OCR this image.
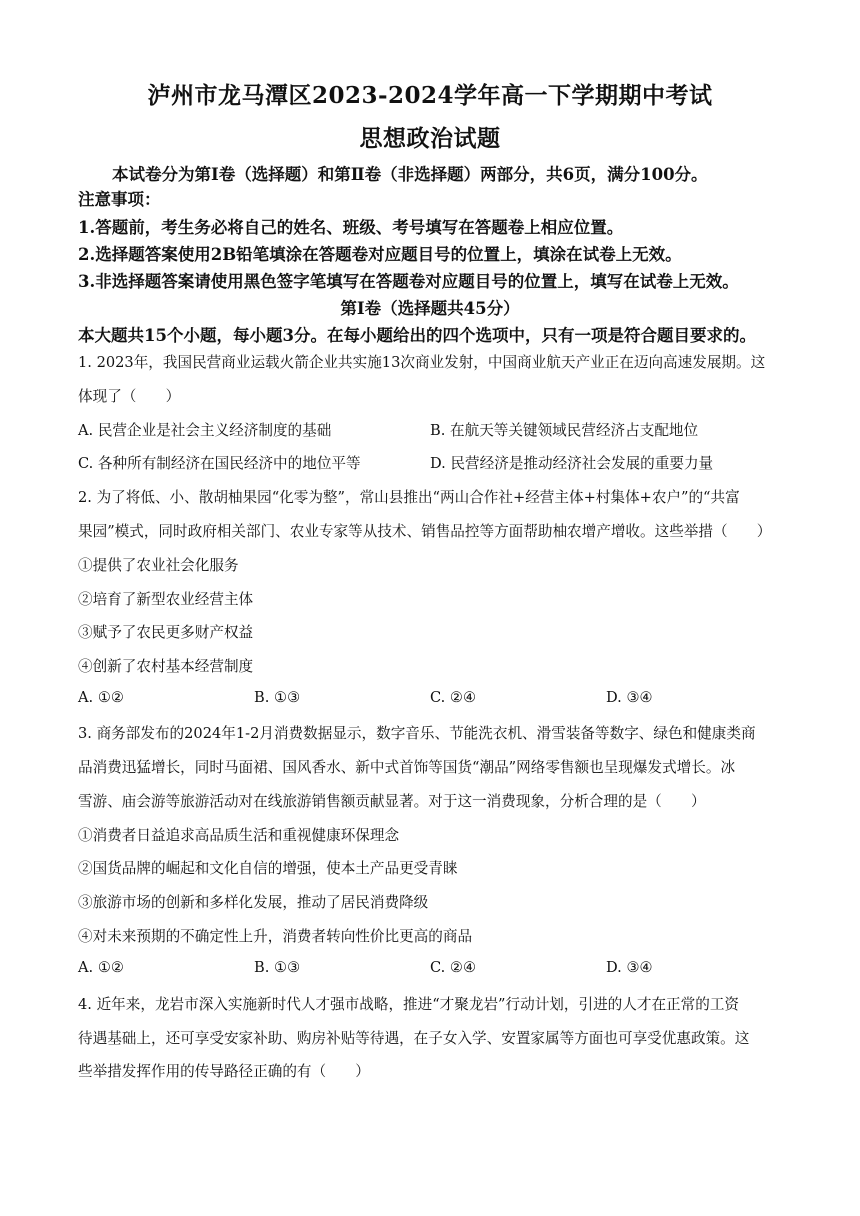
泸州市龙马潭区2023-2024学年高一下学期期中考试
思想政治试题
本试卷分为第Ⅰ卷（选择题）和第Ⅱ卷（非选择题）两部分，共6页，满分100分。
注意事项：
1.答题前，考生务必将自己的姓名、班级、考号填写在答题卷上相应位置。
2.选择题答案使用2B铅笔填涂在答题卷对应题目号的位置上，填涂在试卷上无效。
3.非选择题答案请使用黑色签字笔填写在答题卷对应题目号的位置上，填写在试卷上无效。
第Ⅰ卷（选择题共45分）
本大题共15个小题，每小题3分。在每小题给出的四个选项中，只有一项是符合题目要求的。
1. 2023年，我国民营商业运载火箭企业共实施13次商业发射，中国商业航天产业正在迈向高速发展期。这
体现了（　　）
A. 民营企业是社会主义经济制度的基础	B. 在航天等关键领域民营经济占支配地位
C. 各种所有制经济在国民经济中的地位平等	D. 民营经济是推动经济社会发展的重要力量
2. 为了将低、小、散胡柚果园“化零为整”，常山县推出“两山合作社+经营主体+村集体+农户”的“共富
果园”模式，同时政府相关部门、农业专家等从技术、销售品控等方面帮助柚农增产增收。这些举措（　　）
①提供了农业社会化服务
②培育了新型农业经营主体
③赋予了农民更多财产权益
④创新了农村基本经营制度
A. ①②	B. ①③	C. ②④	D. ③④
3. 商务部发布的2024年1-2月消费数据显示，数字音乐、节能洗衣机、滑雪装备等数字、绿色和健康类商
品消费迅猛增长，同时马面裙、国风香水、新中式首饰等国货“潮品”网络零售额也呈现爆发式增长。冰
雪游、庙会游等旅游活动对在线旅游销售额贡献显著。对于这一消费现象，分析合理的是（　　）
①消费者日益追求高品质生活和重视健康环保理念
②国货品牌的崛起和文化自信的增强，使本土产品更受青睐
③旅游市场的创新和多样化发展，推动了居民消费降级
④对未来预期的不确定性上升，消费者转向性价比更高的商品
A. ①②	B. ①③	C. ②④	D. ③④
4. 近年来，龙岩市深入实施新时代人才强市战略，推进“才聚龙岩”行动计划，引进的人才在正常的工资
待遇基础上，还可享受安家补助、购房补贴等待遇，在子女入学、安置家属等方面也可享受优惠政策。这
些举措发挥作用的传导路径正确的有（　　）
